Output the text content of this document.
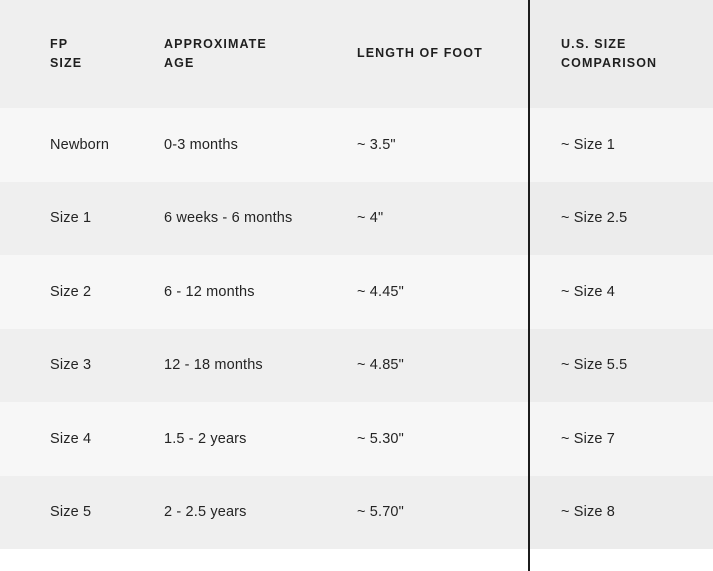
FP SIZE	APPROXIMATE AGE	LENGTH OF FOOT	U.S. SIZE
COMPARISON

Newborn	0-3 months	~ 3.5"	~ Size 1

Size 1	6 weeks - 6 months	~ 4"	~ Size 2.5

Size 2	6 - 12 months	~ 4.45"	~ Size 4

Size 3	12 - 18 months	~ 4.85"	~ Size 5.5

Size 4	1.5 - 2 years	~ 5.30"	~ Size 7

Size 5	2 - 2.5 years	~ 5.70"	~ Size 8
